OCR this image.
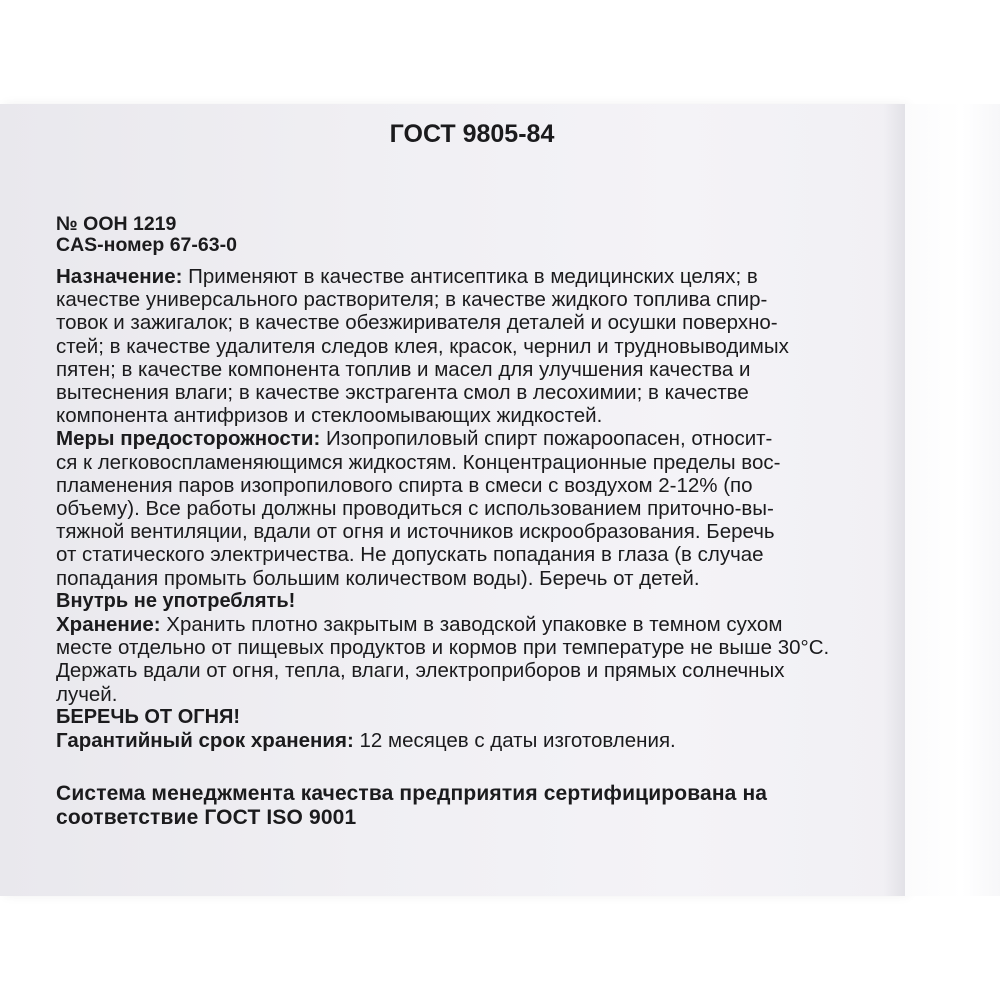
ГОСТ 9805-84
№ ООН 1219
CAS-номер 67-63-0
Назначение: Применяют в качестве антисептика в медицинских целях; в
качестве универсального растворителя; в качестве жидкого топлива спир-
товок и зажигалок; в качестве обезжиривателя деталей и осушки поверхно-
стей; в качестве удалителя следов клея, красок, чернил и трудновыводимых
пятен; в качестве компонента топлив и масел для улучшения качества и
вытеснения влаги; в качестве экстрагента смол в лесохимии; в качестве
компонента антифризов и стеклоомывающих жидкостей.
Меры предосторожности: Изопропиловый спирт пожароопасен, относит-
ся к легковоспламеняющимся жидкостям. Концентрационные пределы вос-
пламенения паров изопропилового спирта в смеси с воздухом 2-12% (по
объему). Все работы должны проводиться с использованием приточно-вы-
тяжной вентиляции, вдали от огня и источников искрообразования. Беречь
от статического электричества. Не допускать попадания в глаза (в случае
попадания промыть большим количеством воды). Беречь от детей.
Внутрь не употреблять!
Хранение: Хранить плотно закрытым в заводской упаковке в темном сухом
месте отдельно от пищевых продуктов и кормов при температуре не выше 30°С.
Держать вдали от огня, тепла, влаги, электроприборов и прямых солнечных
лучей.
БЕРЕЧЬ ОТ ОГНЯ!
Гарантийный срок хранения: 12 месяцев с даты изготовления.
Система менеджмента качества предприятия сертифицирована на
соответствие ГОСТ ISO 9001
